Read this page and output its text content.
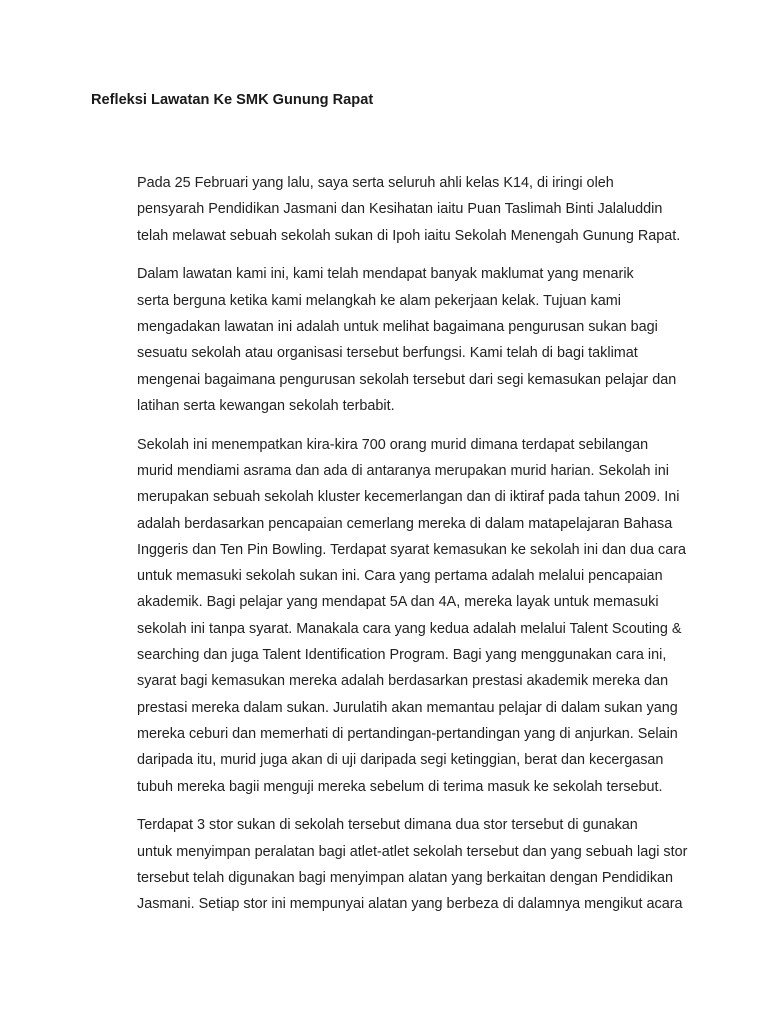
Refleksi Lawatan Ke SMK Gunung Rapat

Pada 25 Februari yang lalu, saya serta seluruh ahli kelas K14, di iringi oleh
pensyarah Pendidikan Jasmani dan Kesihatan iaitu Puan Taslimah Binti Jalaluddin
telah melawat sebuah sekolah sukan di Ipoh iaitu Sekolah Menengah Gunung Rapat.

Dalam lawatan kami ini, kami telah mendapat banyak maklumat yang menarik
serta berguna ketika kami melangkah ke alam pekerjaan kelak. Tujuan kami
mengadakan lawatan ini adalah untuk melihat bagaimana pengurusan sukan bagi
sesuatu sekolah atau organisasi tersebut berfungsi. Kami telah di bagi taklimat
mengenai bagaimana pengurusan sekolah tersebut dari segi kemasukan pelajar dan
latihan serta kewangan sekolah terbabit.

Sekolah ini menempatkan kira-kira 700 orang murid dimana terdapat sebilangan
murid mendiami asrama dan ada di antaranya merupakan murid harian. Sekolah ini
merupakan sebuah sekolah kluster kecemerlangan dan di iktiraf pada tahun 2009. Ini
adalah berdasarkan pencapaian cemerlang mereka di dalam matapelajaran Bahasa
Inggeris dan Ten Pin Bowling. Terdapat syarat kemasukan ke sekolah ini dan dua cara
untuk memasuki sekolah sukan ini. Cara yang pertama adalah melalui pencapaian
akademik. Bagi pelajar yang mendapat 5A dan 4A, mereka layak untuk memasuki
sekolah ini tanpa syarat. Manakala cara yang kedua adalah melalui Talent Scouting &
searching dan juga Talent Identification Program. Bagi yang menggunakan cara ini,
syarat bagi kemasukan mereka adalah berdasarkan prestasi akademik mereka dan
prestasi mereka dalam sukan. Jurulatih akan memantau pelajar di dalam sukan yang
mereka ceburi dan memerhati di pertandingan-pertandingan yang di anjurkan. Selain
daripada itu, murid juga akan di uji daripada segi ketinggian, berat dan kecergasan
tubuh mereka bagii menguji mereka sebelum di terima masuk ke sekolah tersebut.

Terdapat 3 stor sukan di sekolah tersebut dimana dua stor tersebut di gunakan
untuk menyimpan peralatan bagi atlet-atlet sekolah tersebut dan yang sebuah lagi stor
tersebut telah digunakan bagi menyimpan alatan yang berkaitan dengan Pendidikan
Jasmani. Setiap stor ini mempunyai alatan yang berbeza di dalamnya mengikut acara
